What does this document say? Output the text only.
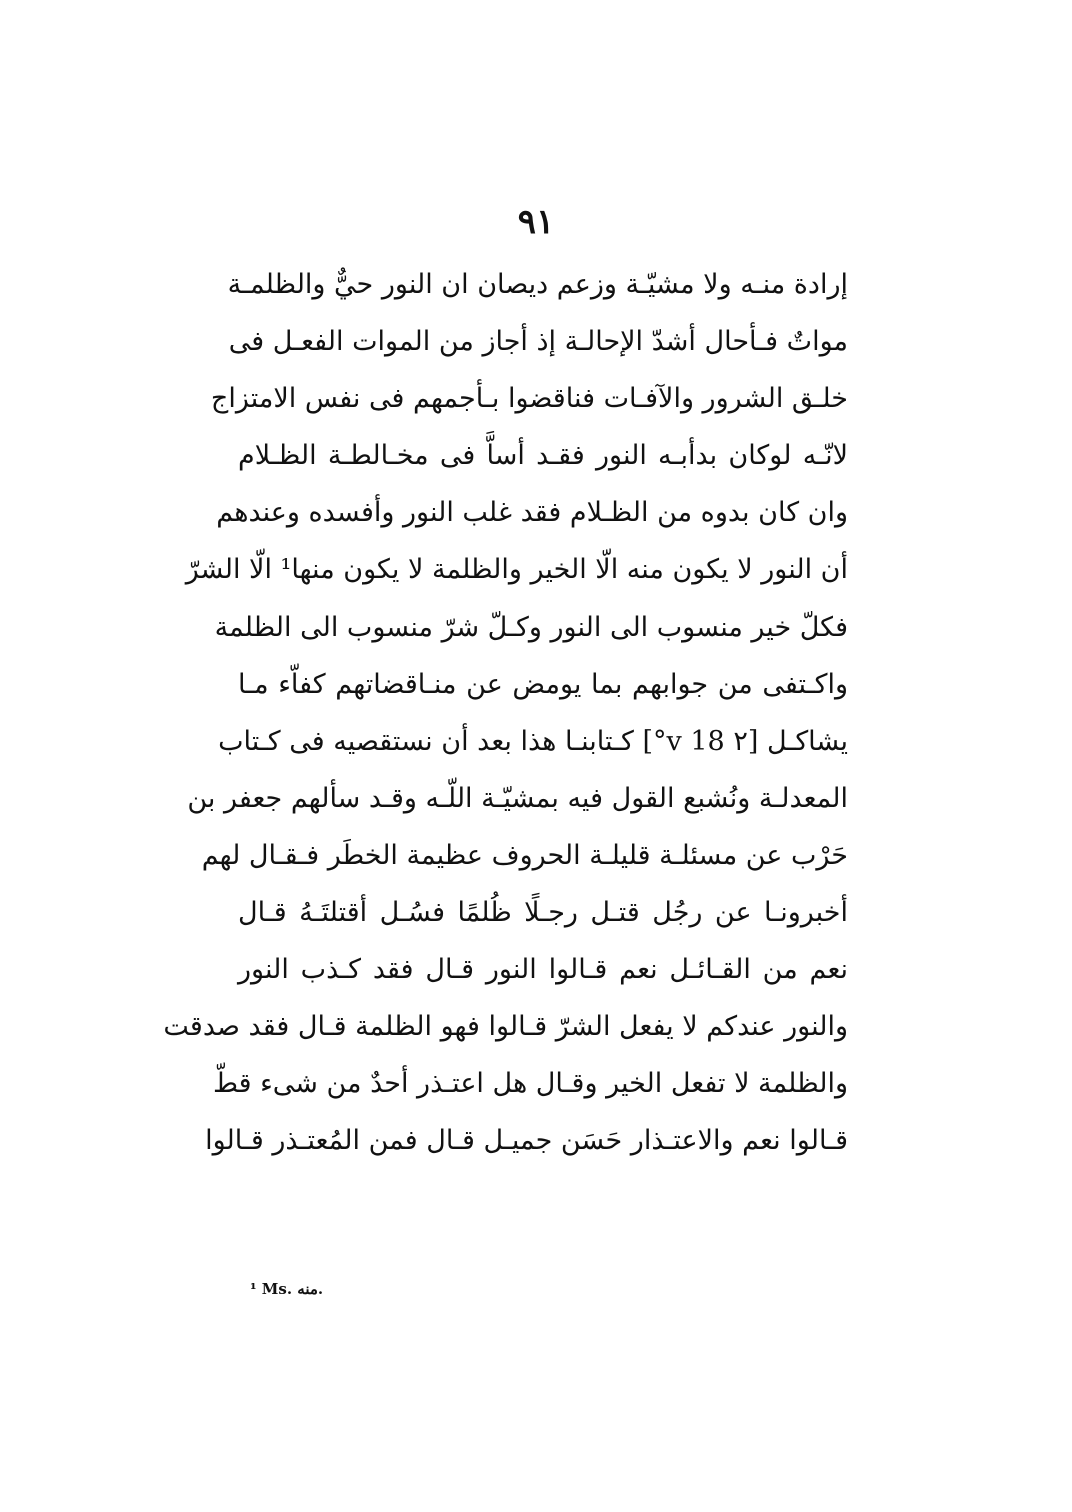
٩١
إرادة منـه ولا مشيّـة وزعم ديصان ان النور حيٌّ والظلمـة
مواتٌ فـأحال أشدّ الإحالـة إذ أجاز من الموات الفعـل فى
خلـق الشرور والآفـات فناقضوا بـأجمهم فى نفس الامتزاج
لانّـه لوكان بدأبـه النور فقـد أساَّ فى مخـالطـة الظـلام
وان كان بدوه من الظـلام فقد غلب النور وأفسده وعندهم
أن النور لا يكون منه الّا الخير والظلمة لا يكون منها¹ الّا الشرّ
فكلّ خير منسوب الى النور وكـلّ شرّ منسوب الى الظلمة
واكـتفى من جوابهم بما يومض عن منـاقضاتهم كفاّء مـا
يشاكـل [٢ 18 v°] كـتابنـا هذا بعد أن نستقصيه فى كـتاب
المعدلـة ونُشبع القول فيه بمشيّـة اللّـه وقـد سألهم جعفر بن
حَرْب عن مسئلـة قليلـة الحروف عظيمة الخطَر فـقـال لهم
أخبرونـا عن رجُل قتـل رجـلًا ظُلمًا فسُـل أقتلتَـهُ قـال
نعم من القـائـل نعم قـالوا النور قـال فقد كـذب النور
والنور عندكم لا يفعل الشرّ قـالوا فهو الظلمة قـال فقد صدقت
والظلمة لا تفعل الخير وقـال هل اعتـذر أحدٌ من شىء قطّ
قـالوا نعم والاعتـذار حَسَن جميـل قـال فمن المُعتـذر قـالوا
¹ Ms. منه.
